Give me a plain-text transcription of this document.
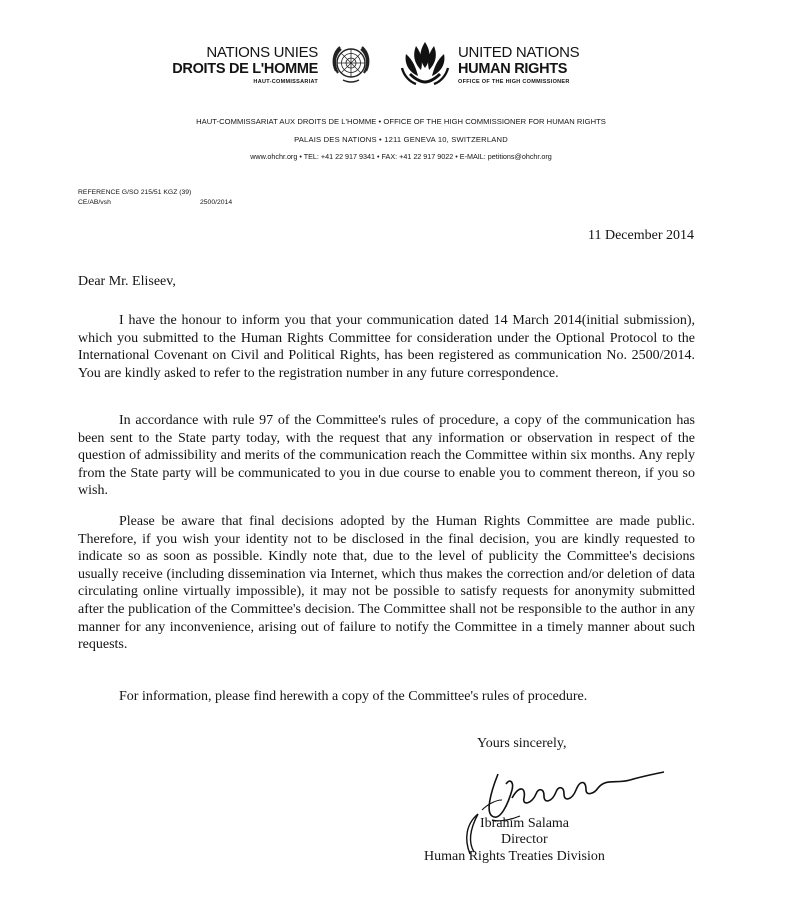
NATIONS UNIES
DROITS DE L'HOMME
HAUT-COMMISSARIAT
UNITED NATIONS
HUMAN RIGHTS
OFFICE OF THE HIGH COMMISSIONER
HAUT-COMMISSARIAT AUX DROITS DE L'HOMME • OFFICE OF THE HIGH COMMISSIONER FOR HUMAN RIGHTS
PALAIS DES NATIONS • 1211 GENEVA 10, SWITZERLAND
www.ohchr.org • TEL: +41 22 917 9341 • FAX: +41 22 917 9022 • E-MAIL: petitions@ohchr.org
REFERENCE G/SO 215/51 KGZ (39)
CE/AB/vsh	2500/2014
11 December 2014
Dear Mr. Eliseev,

I have the honour to inform you that your communication dated 14 March 2014(initial submission), which you submitted to the Human Rights Committee for consideration under the Optional Protocol to the International Covenant on Civil and Political Rights, has been registered as communication No. 2500/2014. You are kindly asked to refer to the registration number in any future correspondence.

In accordance with rule 97 of the Committee's rules of procedure, a copy of the communication has been sent to the State party today, with the request that any information or observation in respect of the question of admissibility and merits of the communication reach the Committee within six months. Any reply from the State party will be communicated to you in due course to enable you to comment thereon, if you so wish.

Please be aware that final decisions adopted by the Human Rights Committee are made public. Therefore, if you wish your identity not to be disclosed in the final decision, you are kindly requested to indicate so as soon as possible. Kindly note that, due to the level of publicity the Committee's decisions usually receive (including dissemination via Internet, which thus makes the correction and/or deletion of data circulating online virtually impossible), it may not be possible to satisfy requests for anonymity submitted after the publication of the Committee's decision. The Committee shall not be responsible to the author in any manner for any inconvenience, arising out of failure to notify the Committee in a timely manner about such requests.

For information, please find herewith a copy of the Committee's rules of procedure.

Yours sincerely,
Ibrahim Salama
Director
Human Rights Treaties Division
